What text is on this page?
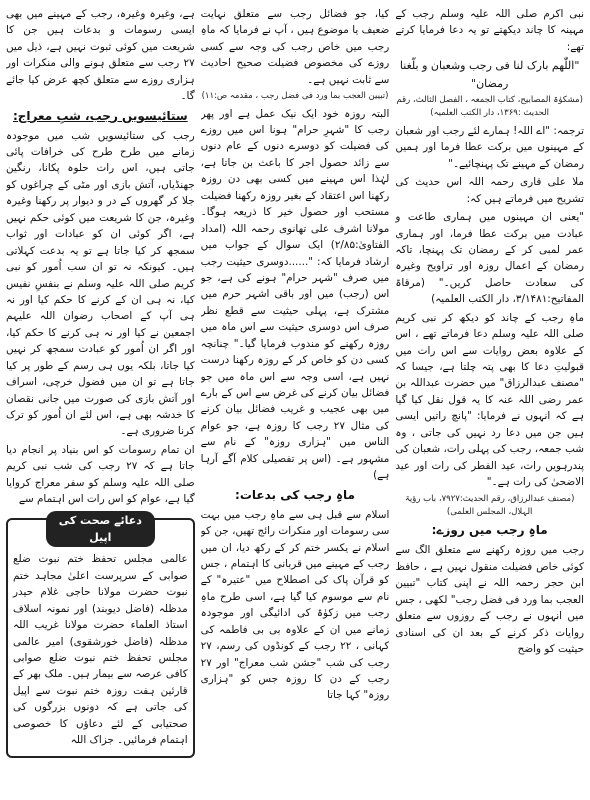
نبی اکرم صلی اللہ علیہ وسلم رجب کے مہینہ کا چاند دیکھتے تو یہ دعا فرمایا کرتے تھے:

"اللّٰھم بارک لنا فی رجب وشعبان و بلّغنا رمضان"

(مشکوٰۃ المصابیح، کتاب الجمعہ ، الفصل الثالث، رقم الحدیث :۱۳۶۹، دار الکتب العلمیہ)

ترجمہ: "اے اللہ! ہمارے لئے رجب اور شعبان کے مہینوں میں برکت عطا فرما اور ہمیں رمضان کے مہینے تک پہنچائیے۔"

ملا علی قاری رحمہ اللہ اس حدیث کی تشریح میں فرماتے ہیں کہ:

"یعنی ان مہینوں میں ہماری طاعت و عبادت میں برکت عطا فرما، اور ہماری عمر لمبی کر کے رمضان تک پہنچا، تاکہ رمضان کے اعمال روزہ اور تراویح وغیرہ کی سعادت حاصل کریں۔" (مرقاۃ المفاتیح:۳/۱۴۸۱، دار الکتب العلمیہ)

ماہِ رجب کے چاند کو دیکھ کر نبی کریم صلی اللہ علیہ وسلم دعا فرماتے تھے ، اس کے علاوہ بعض روایات سے اس رات میں قبولیتِ دعا کا بھی پتہ چلتا ہے، جیسا کہ "مصنف عبدالرزاق" میں حضرت عبداللہ بن عمر رضی اللہ عنہ کا یہ قول نقل کیا گیا ہے کہ انہوں نے فرمایا: "پانچ راتیں ایسی ہیں جن میں دعا رد نہیں کی جاتی ، وہ شب جمعہ، رجب کی پہلی رات، شعبان کی پندرہویں رات، عید الفطر کی رات اور عید الاضحیٰ کی رات ہے۔"

(مصنف عبدالرزاق، رقم الحدیث:۷۹۲۷، باب رؤیۃ الہلال، المجلس العلمی)

ماہِ رجب میں روزے:

رجب میں روزہ رکھنے سے متعلق الگ سے کوئی خاص فضیلت منقول نہیں ہے ، حافظ ابن حجر رحمہ اللہ نے اپنی کتاب "تبیین العجب بما ورد فی فضل رجب" لکھی ، جس میں انہوں نے رجب کے روزوں سے متعلق روایات ذکر کرنے کے بعد ان کی اسنادی حیثیت کو واضح

کیا، جو فضائل رجب سے متعلق نہایت ضعیف یا موضوع ہیں ، آپ نے فرمایا کہ ماہِ رجب میں خاص رجب کی وجہ سے کسی روزے کی مخصوص فضیلت صحیح احادیث سے ثابت نہیں ہے۔

(تبیین العجب بما ورد فی فضل رجب ، مقدمہ ص:۱۱)

البتہ روزہ خود ایک نیک عمل ہے اور پھر رجب کا "شہرِ حرام" ہونا اس میں روزے کی فضیلت کو دوسرے دنوں کے عام دنوں سے زائد حصول اجر کا باعث بن جاتا ہے، لہٰذا اس مہینے میں کسی بھی دن روزہ رکھنا اس اعتقاد کے بغیر روزہ رکھنا فضیلت مستحب اور حصول خیر کا ذریعہ ہوگا۔ مولانا اشرف علی تھانوی رحمہ اللہ (امداد الفتاویٰ:۲/۸۵) ایک سوال کے جواب میں ارشاد فرمایا کہ: "......دوسری حیثیت رجب میں صرف "شہر حرام" ہونے کی ہے، جو اس (رجب) میں اور باقی اشہر حرم میں مشترک ہے، پہلی حیثیت سے قطع نظر صرف اس دوسری حیثیت سے اس ماہ میں روزہ رکھنے کو مندوب فرمایا گیا۔" چنانچہ کسی دن کو خاص کر کے روزہ رکھنا درست نہیں ہے، اسی وجہ سے اس ماہ میں جو فضائل بیان کرنے کی غرض سے اس کے بارے میں بھی عجیب و غریب فضائل بیان کرنے کی مثال ۲۷ رجب کا روزہ ہے، جو عوام الناس میں "ہزاری روزہ" کے نام سے مشہور ہے۔ (اس پر تفصیلی کلام آگے آرہا ہے)

ماہِ رجب کی بدعات:

اسلام سے قبل ہی سے ماہِ رجب میں بہت سی رسومات اور منکرات رائج تھیں، جن کو اسلام نے یکسر ختم کر کے رکھ دیا، ان میں رجب کے مہینے میں قربانی کا اہتمام ، جس کو قرآن پاک کی اصطلاح میں "عتیرہ" کے نام سے موسوم کیا گیا ہے، اسی طرح ماہِ رجب میں زکوٰۃ کی ادائیگی اور موجودہ زمانے میں ان کے علاوہ بی بی فاطمہ کی کہانی ، ۲۲ رجب کے کونڈوں کی رسم، ۲۷ رجب کی شب "جشن شب معراج" اور ۲۷ رجب کے دن کا روزہ جس کو "ہزاری روزہ" کہا جاتا

ہے، وغیرہ وغیرہ، رجب کے مہینے میں بھی ایسی رسومات و بدعات ہیں جن کا شریعت میں کوئی ثبوت نہیں ہے، ذیل میں ۲۷ رجب سے متعلق ہونے والی منکرات اور ہزاری روزے سے متعلق کچھ عرض کیا جائے گا۔

ستائیسویں رجب، شبِ معراج:

رجب کی ستائیسویں شب میں موجودہ زمانے میں طرح طرح کی خرافات پائی جاتی ہیں، اس رات حلوہ پکانا، رنگین جھنڈیاں، آتش بازی اور مٹی کے چراغوں کو جلا کر گھروں کے در و دیوار پر رکھنا وغیرہ وغیرہ، جن کا شریعت میں کوئی حکم نہیں ہے، اگر کوئی ان کو عبادات اور ثواب سمجھ کر کیا جاتا ہے تو یہ بدعت کہلاتی ہیں۔ کیونکہ نہ تو ان سب اُمور کو نبی کریم صلی اللہ علیہ وسلم نے بنفسِ نفیس کیا، نہ ہی ان کے کرنے کا حکم کیا اور نہ ہی آپ کے اصحاب رضوان اللہ علیہم اجمعین نے کیا اور نہ ہی کرنے کا حکم کیا، اور اگر ان اُمور کو عبادت سمجھ کر نہیں کیا جاتا، بلکہ یوں ہی رسم کے طور پر کیا جاتا ہے تو ان میں فضول خرچی، اسراف اور آتش بازی کی صورت میں جانی نقصان کا خدشہ بھی ہے، اس لئے ان اُمور کو ترک کرنا ضروری ہے۔

ان تمام رسومات کو اس بنیاد پر انجام دیا جاتا ہے کہ ۲۷ رجب کی شب نبی کریم صلی اللہ علیہ وسلم کو سفر معراج کروایا گیا ہے، عوام کو اس رات اس اہتمام سے

دعائے صحت کی اپیل

عالمی مجلس تحفظ ختم نبوت ضلع صوابی کے سرپرست اعلیٰ مجاہد ختم نبوت حضرت مولانا حاجی غلام حیدر مدظلہ (فاضل دیوبند) اور نمونہ اسلاف استاذ العلماء حضرت مولانا غریب اللہ مدظلہ (فاضل خورشقوی) امیر عالمی مجلس تحفظ ختم نبوت ضلع صوابی کافی عرصہ سے بیمار ہیں۔ ملک بھر کے قارئین ہفت روزہ ختم نبوت سے اپیل کی جاتی ہے کہ دونوں بزرگوں کی صحتیابی کے لئے دعاؤں کا خصوصی اہتمام فرمائیں۔ جزاک اللہ
